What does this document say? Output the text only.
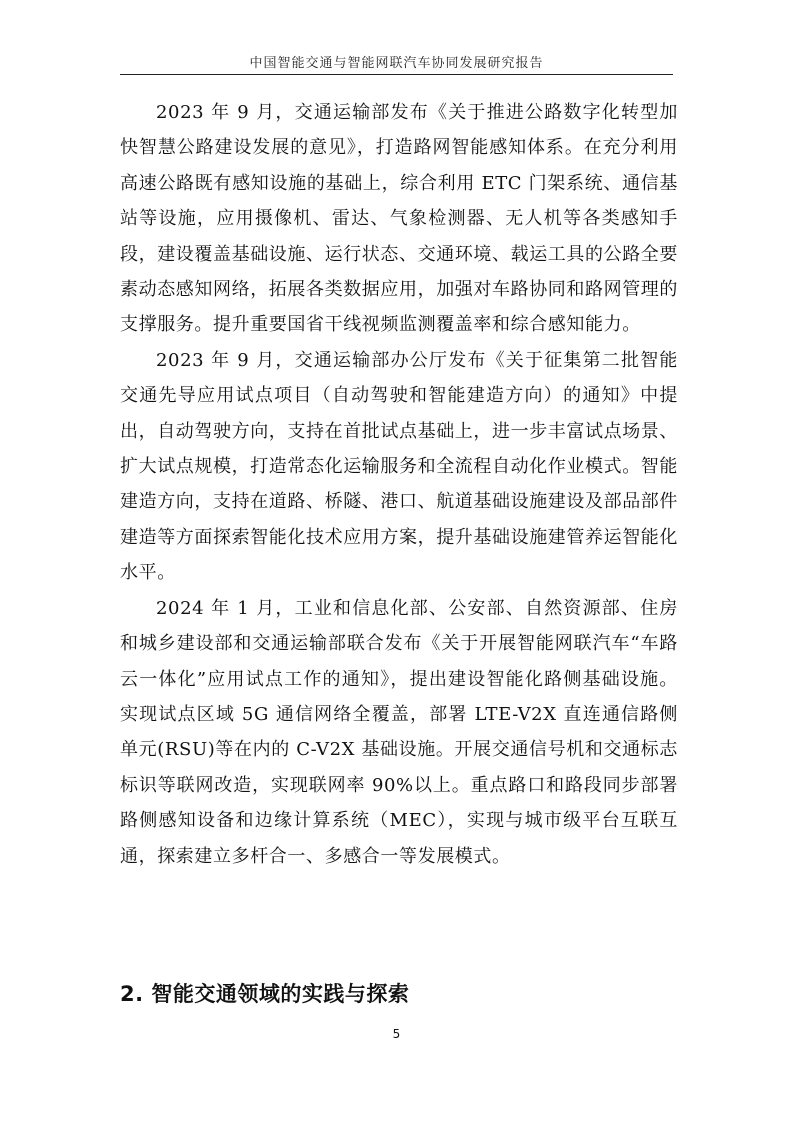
中国智能交通与智能网联汽车协同发展研究报告

2023 年 9 月，交通运输部发布《关于推进公路数字化转型加快智慧公路建设发展的意见》，打造路网智能感知体系。在充分利用高速公路既有感知设施的基础上，综合利用 ETC 门架系统、通信基站等设施，应用摄像机、雷达、气象检测器、无人机等各类感知手段，建设覆盖基础设施、运行状态、交通环境、载运工具的公路全要素动态感知网络，拓展各类数据应用，加强对车路协同和路网管理的支撑服务。提升重要国省干线视频监测覆盖率和综合感知能力。

2023 年 9 月，交通运输部办公厅发布《关于征集第二批智能交通先导应用试点项目（自动驾驶和智能建造方向）的通知》中提出，自动驾驶方向，支持在首批试点基础上，进一步丰富试点场景、扩大试点规模，打造常态化运输服务和全流程自动化作业模式。智能建造方向，支持在道路、桥隧、港口、航道基础设施建设及部品部件建造等方面探索智能化技术应用方案，提升基础设施建管养运智能化水平。

2024 年 1 月，工业和信息化部、公安部、自然资源部、住房和城乡建设部和交通运输部联合发布《关于开展智能网联汽车“车路云一体化”应用试点工作的通知》，提出建设智能化路侧基础设施。实现试点区域 5G 通信网络全覆盖，部署 LTE-V2X 直连通信路侧单元(RSU)等在内的 C-V2X 基础设施。开展交通信号机和交通标志标识等联网改造，实现联网率 90%以上。重点路口和路段同步部署路侧感知设备和边缘计算系统（MEC），实现与城市级平台互联互通，探索建立多杆合一、多感合一等发展模式。

2. 智能交通领域的实践与探索
5
